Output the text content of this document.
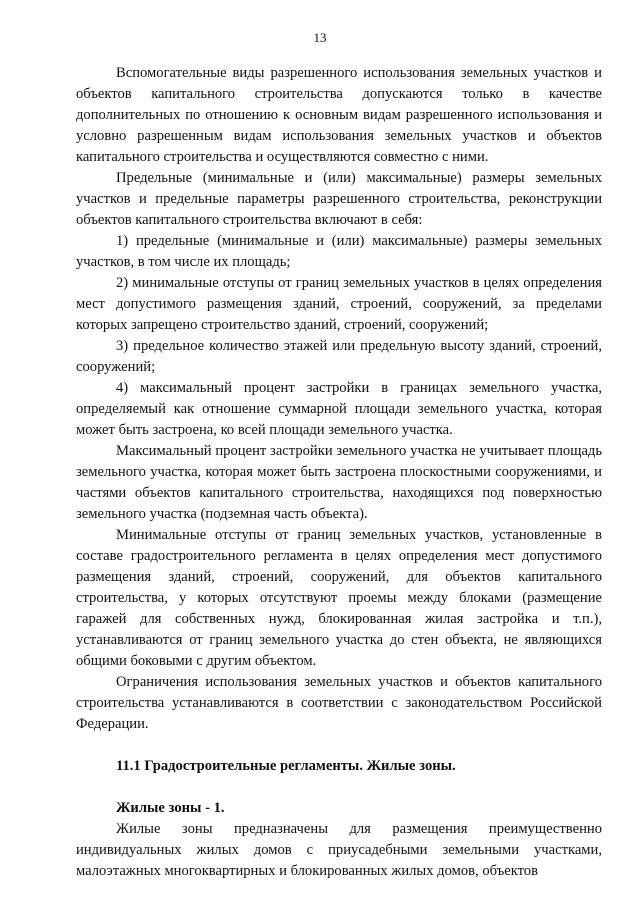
13

Вспомогательные виды разрешенного использования земельных участков и объектов капитального строительства допускаются только в качестве дополнительных по отношению к основным видам разрешенного использования и условно разрешенным видам использования земельных участков и объектов капитального строительства и осуществляются совместно с ними.

Предельные (минимальные и (или) максимальные) размеры земельных участков и предельные параметры разрешенного строительства, реконструкции объектов капитального строительства включают в себя:

1) предельные (минимальные и (или) максимальные) размеры земельных участков, в том числе их площадь;

2) минимальные отступы от границ земельных участков в целях определения мест допустимого размещения зданий, строений, сооружений, за пределами которых запрещено строительство зданий, строений, сооружений;

3) предельное количество этажей или предельную высоту зданий, строений, сооружений;

4) максимальный процент застройки в границах земельного участка, определяемый как отношение суммарной площади земельного участка, которая может быть застроена, ко всей площади земельного участка.

Максимальный процент застройки земельного участка не учитывает площадь земельного участка, которая может быть застроена плоскостными сооружениями, и частями объектов капитального строительства, находящихся под поверхностью земельного участка (подземная часть объекта).

Минимальные отступы от границ земельных участков, установленные в составе градостроительного регламента в целях определения мест допустимого размещения зданий, строений, сооружений, для объектов капитального строительства, у которых отсутствуют проемы между блоками (размещение гаражей для собственных нужд, блокированная жилая застройка и т.п.), устанавливаются от границ земельного участка до стен объекта, не являющихся общими боковыми с другим объектом.

Ограничения использования земельных участков и объектов капитального строительства устанавливаются в соответствии с законодательством Российской Федерации.

11.1 Градостроительные регламенты. Жилые зоны.

Жилые зоны - 1.

Жилые зоны предназначены для размещения преимущественно индивидуальных жилых домов с приусадебными земельными участками, малоэтажных многоквартирных и блокированных жилых домов, объектов
